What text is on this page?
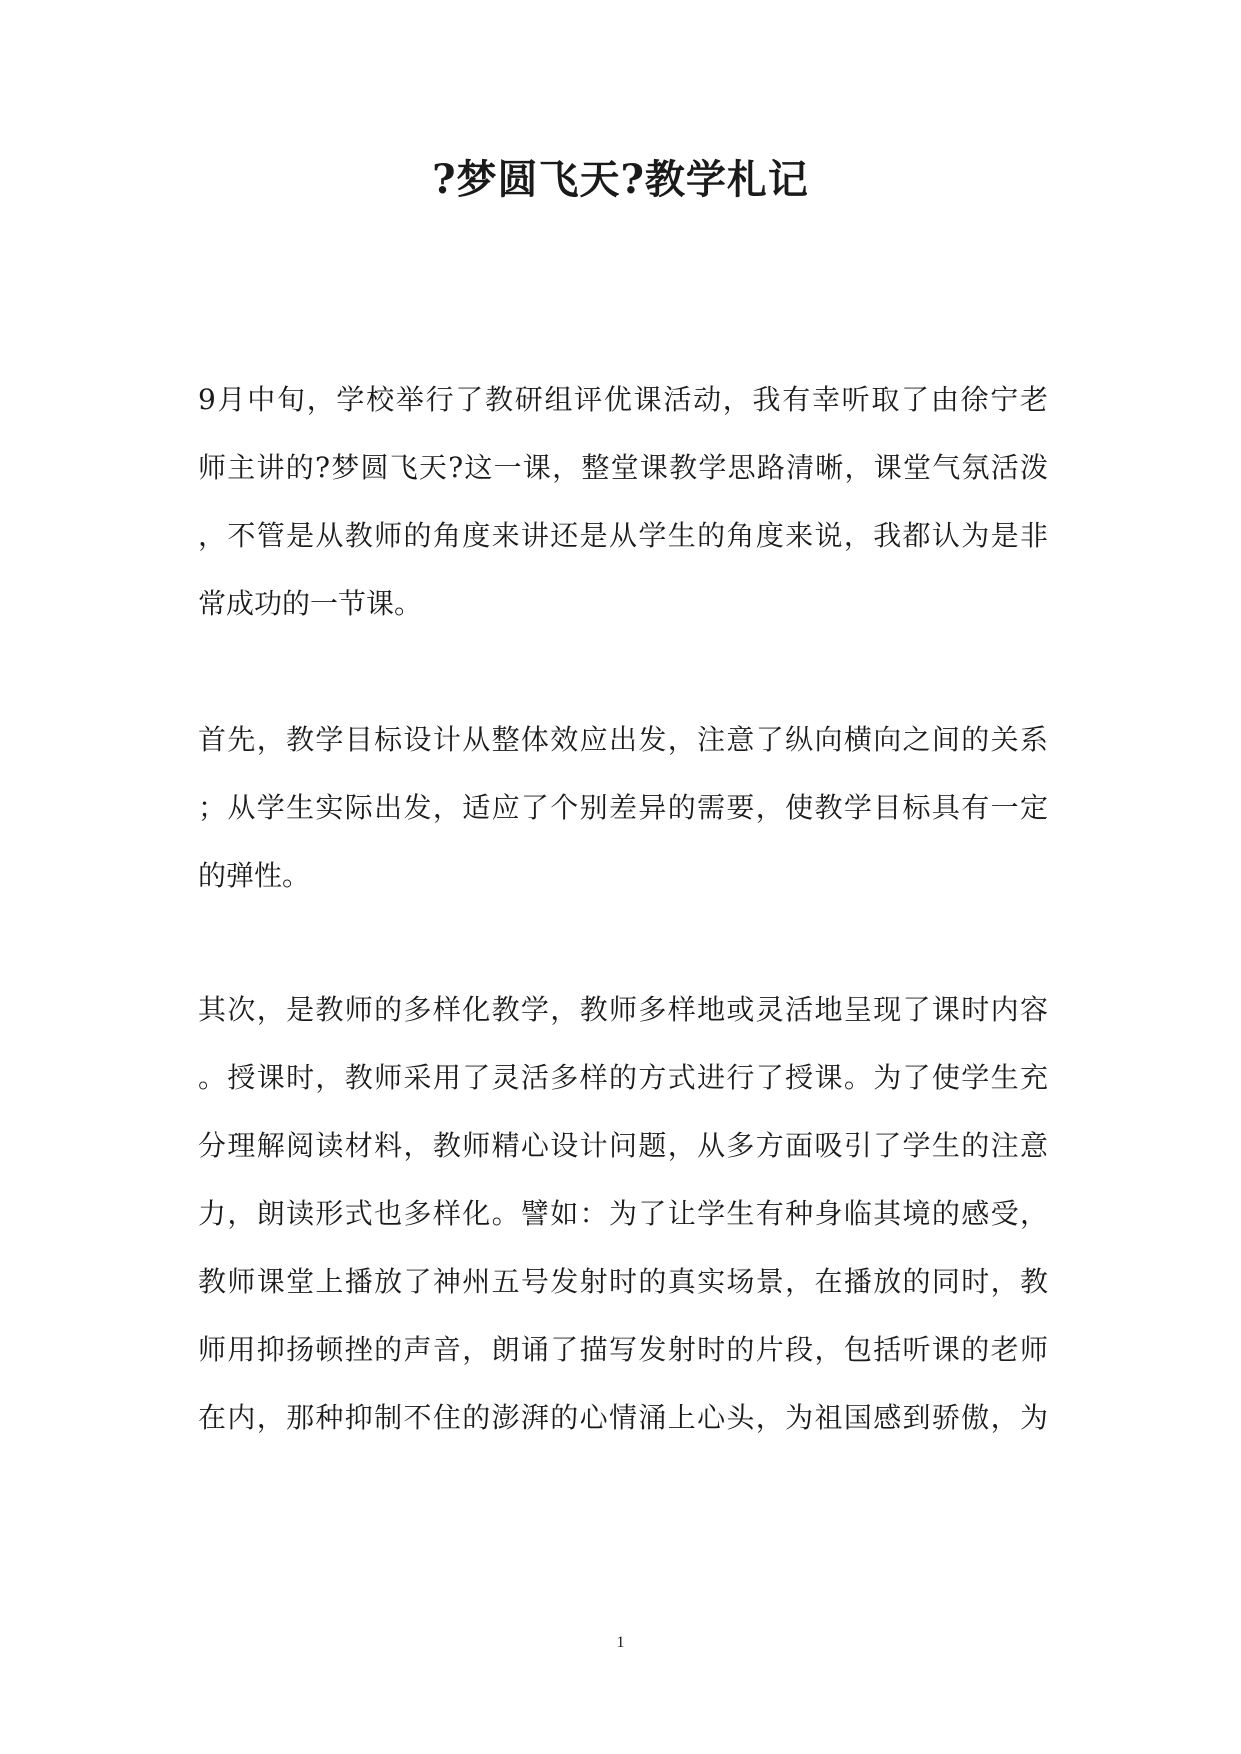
?梦圆飞天?教学札记
9月中旬，学校举行了教研组评优课活动，我有幸听取了由徐宁老
师主讲的?梦圆飞天?这一课，整堂课教学思路清晰，课堂气氛活泼
，不管是从教师的角度来讲还是从学生的角度来说，我都认为是非
常成功的一节课。
首先，教学目标设计从整体效应出发，注意了纵向横向之间的关系
；从学生实际出发，适应了个别差异的需要，使教学目标具有一定
的弹性。
其次，是教师的多样化教学，教师多样地或灵活地呈现了课时内容
。授课时，教师采用了灵活多样的方式进行了授课。为了使学生充
分理解阅读材料，教师精心设计问题，从多方面吸引了学生的注意
力，朗读形式也多样化。譬如：为了让学生有种身临其境的感受，
教师课堂上播放了神州五号发射时的真实场景，在播放的同时，教
师用抑扬顿挫的声音，朗诵了描写发射时的片段，包括听课的老师
在内，那种抑制不住的澎湃的心情涌上心头，为祖国感到骄傲，为
1
